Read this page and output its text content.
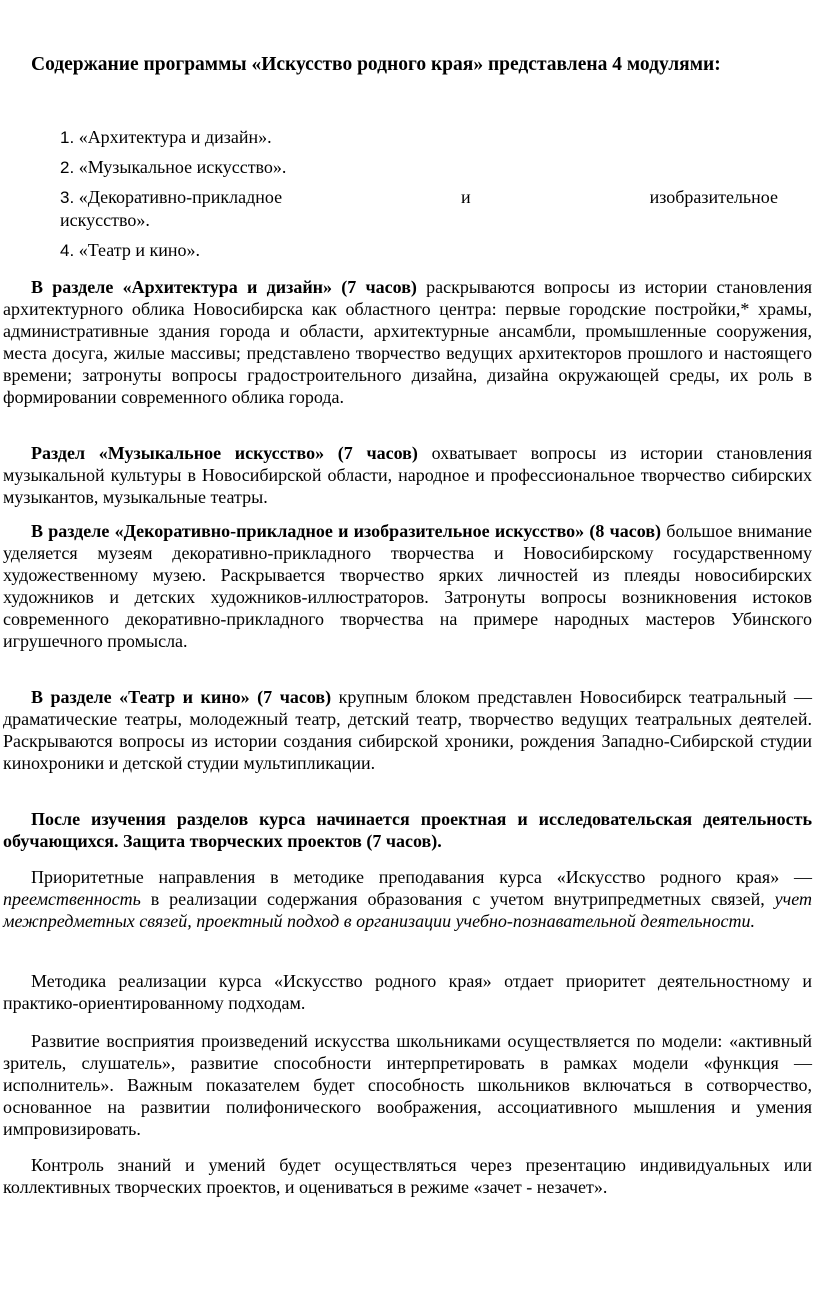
Содержание программы «Искусство родного края» представлена 4 модулями:

1. «Архитектура и дизайн».
2. «Музыкальное искусство».
3. «Декоративно-прикладное	и	изобразительное
искусство».
4. «Театр и кино».

В разделе «Архитектура и дизайн» (7 часов) раскрываются вопросы из истории становления архитектурного облика Новосибирска как областного центра: первые городские постройки,* храмы, административные здания города и области, архитектурные ансамбли, промышленные сооружения, места досуга, жилые массивы; представлено творчество ведущих архитекторов прошлого и настоящего времени; затронуты вопросы градостроительного дизайна, дизайна окружающей среды, их роль в формировании современного облика города.

Раздел «Музыкальное искусство» (7 часов) охватывает вопросы из истории становления музыкальной культуры в Новосибирской области, народное и профессиональное творчество сибирских музыкантов, музыкальные театры.

В разделе «Декоративно-прикладное и изобразительное искусство» (8 часов) большое внимание уделяется музеям декоративно-прикладного творчества и Новосибирскому государственному художественному музею. Раскрывается творчество ярких личностей из плеяды новосибирских художников и детских художников-иллюстраторов. Затронуты вопросы возникновения истоков современного декоративно-прикладного творчества на примере народных мастеров Убинского игрушечного промысла.

В разделе «Театр и кино» (7 часов) крупным блоком представлен Новосибирск театральный — драматические театры, молодежный театр, детский театр, творчество ведущих театральных деятелей. Раскрываются вопросы из истории создания сибирской хроники, рождения Западно-Сибирской студии кинохроники и детской студии мультипликации.

После изучения разделов курса начинается проектная и исследовательская деятельность обучающихся. Защита творческих проектов (7 часов).

Приоритетные направления в методике преподавания курса «Искусство родного края» — преемственность в реализации содержания образования с учетом внутрипредметных связей, учет межпредметных связей, проектный подход в организации учебно-познавательной деятельности.

Методика реализации курса «Искусство родного края» отдает приоритет деятельностному и практико-ориентированному подходам.

Развитие восприятия произведений искусства школьниками осуществляется по модели: «активный зритель, слушатель», развитие способности интерпретировать в рамках модели «функция — исполнитель». Важным показателем будет способность школьников включаться в сотворчество, основанное на развитии полифонического воображения, ассоциативного мышления и умения импровизировать.

Контроль знаний и умений будет осуществляться через презентацию индивидуальных или коллективных творческих проектов, и оцениваться в режиме «зачет - незачет».
